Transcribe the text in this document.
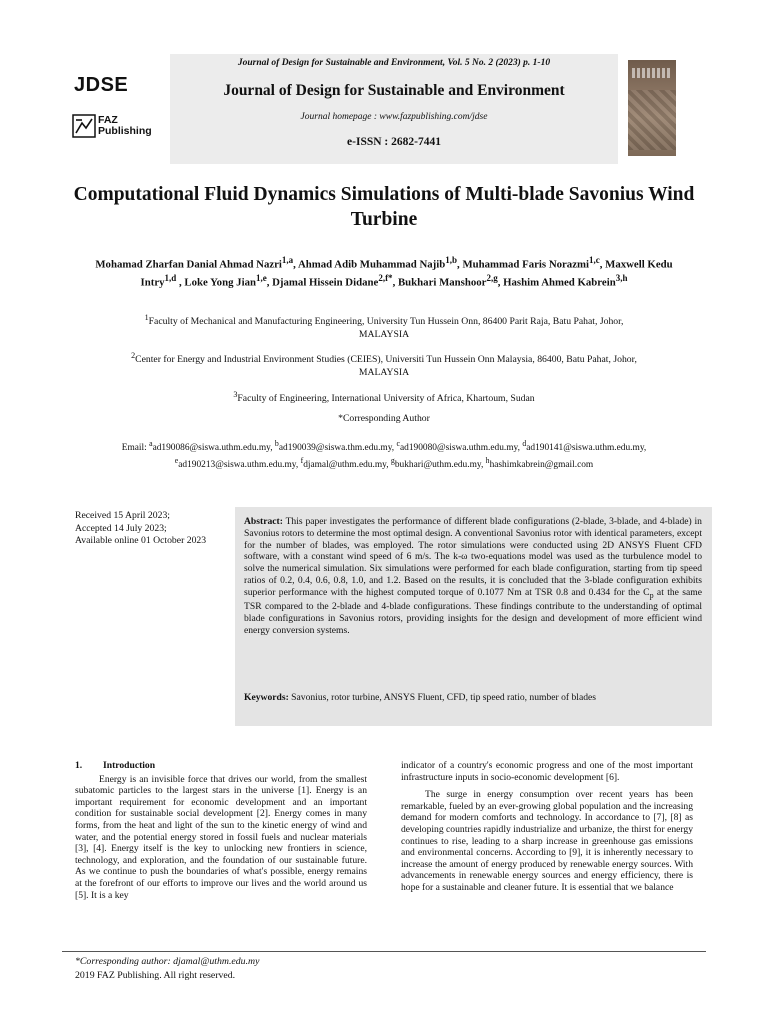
JDSE
FAZ
Publishing
Journal of Design for Sustainable and Environment, Vol. 5 No. 2 (2023) p. 1-10
Journal of Design for Sustainable and Environment
Journal homepage : www.fazpublishing.com/jdse
e-ISSN : 2682-7441
Computational Fluid Dynamics Simulations of Multi-blade Savonius Wind Turbine
Mohamad Zharfan Danial Ahmad Nazri$^{1,a}$, Ahmad Adib Muhammad Najib$^{1,b}$, Muhammad Faris Norazmi$^{1,c}$, Maxwell Kedu Intry$^{1,d}$ , Loke Yong Jian$^{1,e}$, Djamal Hissein Didane$^{2,f*}$, Bukhari Manshoor$^{2,g}$, Hashim Ahmed Kabrein$^{3,h}$
$^1$Faculty of Mechanical and Manufacturing Engineering, University Tun Hussein Onn, 86400 Parit Raja, Batu Pahat, Johor, MALAYSIA
$^2$Center for Energy and Industrial Environment Studies (CEIES), Universiti Tun Hussein Onn Malaysia, 86400, Batu Pahat, Johor, MALAYSIA
$^3$Faculty of Engineering, International University of Africa, Khartoum, Sudan
*Corresponding Author
Email: $^a$ad190086@siswa.uthm.edu.my, $^b$ad190039@siswa.thm.edu.my, $^c$ad190080@siswa.uthm.edu.my, $^d$ad190141@siswa.uthm.edu.my, $^e$ad190213@siswa.uthm.edu.my, $^f$djamal@uthm.edu.my, $^g$bukhari@uthm.edu.my, $^h$hashimkabrein@gmail.com
Received 15 April 2023;
Accepted 14 July 2023;
Available online 01 October 2023
Abstract: This paper investigates the performance of different blade configurations (2-blade, 3-blade, and 4-blade) in Savonius rotors to determine the most optimal design. A conventional Savonius rotor with identical parameters, except for the number of blades, was employed. The rotor simulations were conducted using 2D ANSYS Fluent CFD software, with a constant wind speed of 6 m/s. The k-ω two-equations model was used as the turbulence model to solve the numerical simulation. Six simulations were performed for each blade configuration, starting from tip speed ratios of 0.2, 0.4, 0.6, 0.8, 1.0, and 1.2. Based on the results, it is concluded that the 3-blade configuration exhibits superior performance with the highest computed torque of 0.1077 Nm at TSR 0.8 and 0.434 for the $C_p$ at the same TSR compared to the 2-blade and 4-blade configurations. These findings contribute to the understanding of optimal blade configurations in Savonius rotors, providing insights for the design and development of more efficient wind energy conversion systems.
Keywords: Savonius, rotor turbine, ANSYS Fluent, CFD, tip speed ratio, number of blades
1. Introduction
Energy is an invisible force that drives our world, from the smallest subatomic particles to the largest stars in the universe [1]. Energy is an important requirement for economic development and an important condition for sustainable social development [2]. Energy comes in many forms, from the heat and light of the sun to the kinetic energy of wind and water, and the potential energy stored in fossil fuels and nuclear materials [3], [4]. Energy itself is the key to unlocking new frontiers in science, technology, and exploration, and the foundation of our sustainable future. As we continue to push the boundaries of what's possible, energy remains at the forefront of our efforts to improve our lives and the world around us [5]. It is a key
indicator of a country's economic progress and one of the most important infrastructure inputs in socio-economic development [6].
The surge in energy consumption over recent years has been remarkable, fueled by an ever-growing global population and the increasing demand for modern comforts and technology. In accordance to [7], [8] as developing countries rapidly industrialize and urbanize, the thirst for energy continues to rise, leading to a sharp increase in greenhouse gas emissions and environmental concerns. According to [9], it is inherently necessary to increase the amount of energy produced by renewable energy sources. With advancements in renewable energy sources and energy efficiency, there is hope for a sustainable and cleaner future. It is essential that we balance
*Corresponding author: djamal@uthm.edu.my
2019 FAZ Publishing. All right reserved.
